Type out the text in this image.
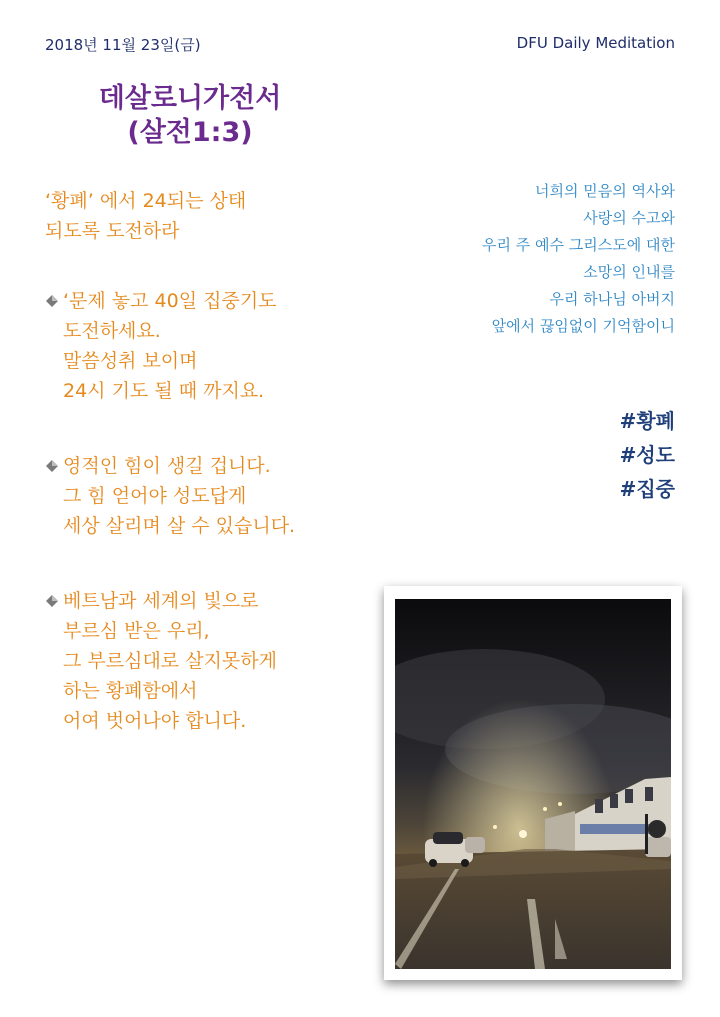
2018년 11월 23일(금)	DFU Daily Meditation
데살로니가전서
(살전1:3)
‘황폐’ 에서 24되는 상태
되도록 도전하라
‘문제 놓고 40일 집중기도
도전하세요.
말씀성취 보이며
24시 기도 될 때 까지요.
영적인 힘이 생길 겁니다.
그 힘 얻어야 성도답게
세상 살리며 살 수 있습니다.
베트남과 세계의 빛으로
부르심 받은 우리,
그 부르심대로 살지못하게
하는 황폐함에서
어여 벗어나야 합니다.
너희의 믿음의 역사와
사랑의 수고와
우리 주 예수 그리스도에 대한
소망의 인내를
우리 하나님 아버지
앞에서 끊임없이 기억함이니
#황폐
#성도
#집중
